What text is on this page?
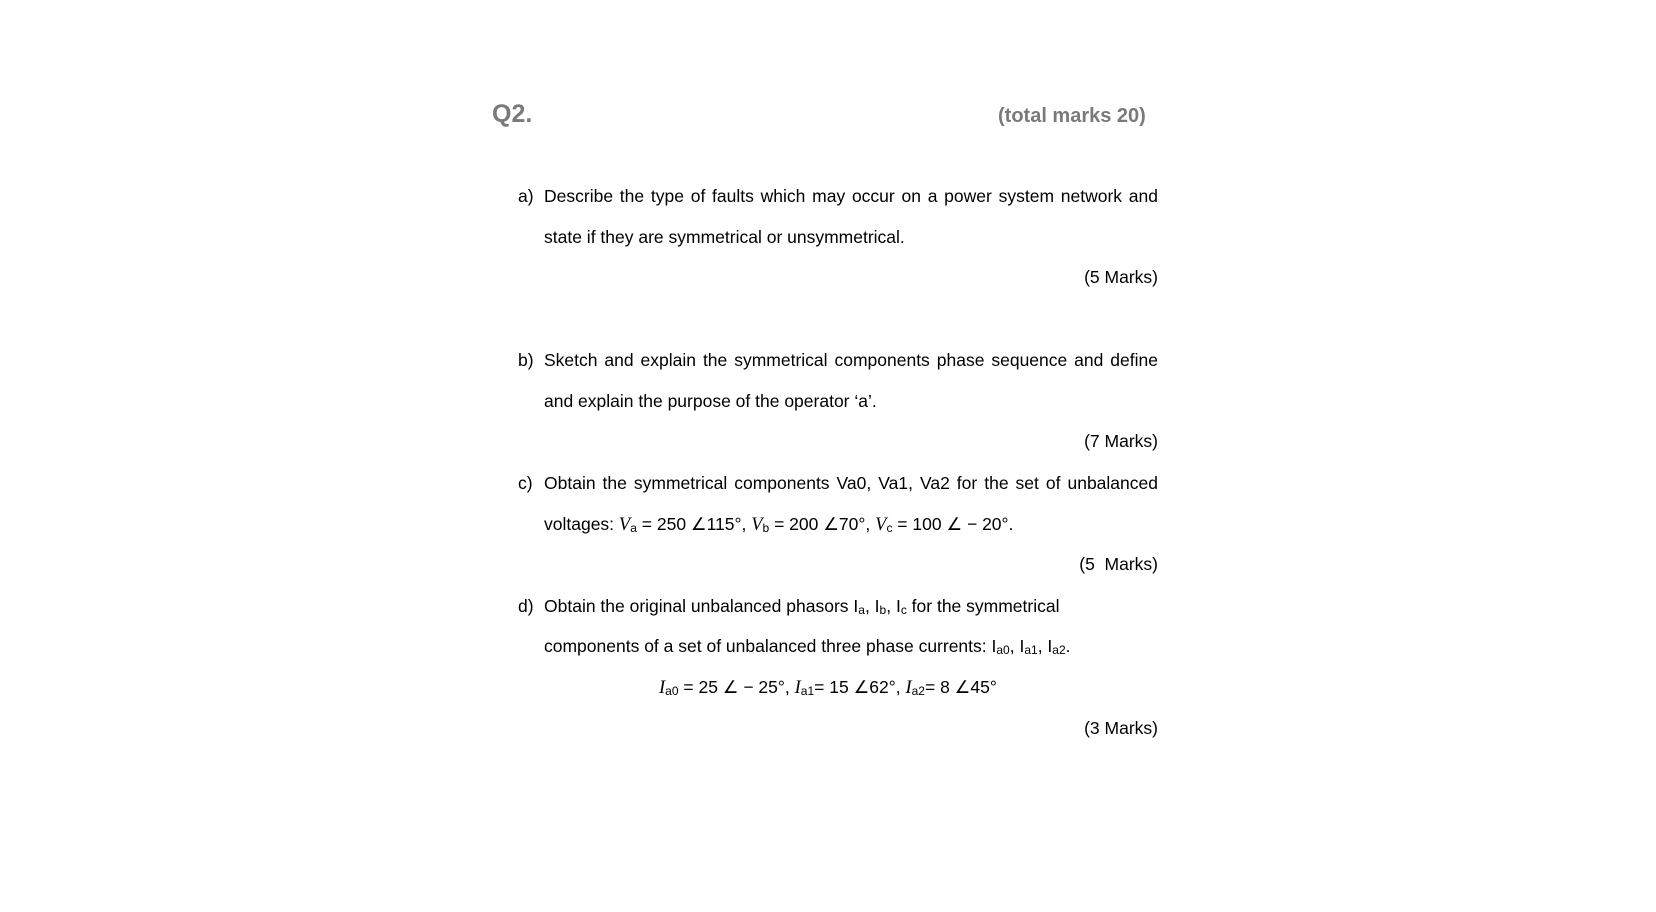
Q2.	(total marks 20)
a) Describe the type of faults which may occur on a power system network and
state if they are symmetrical or unsymmetrical.
(5 Marks)
b) Sketch and explain the symmetrical components phase sequence and define
and explain the purpose of the operator ‘a’.
(7 Marks)
c) Obtain the symmetrical components Va0, Va1, Va2 for the set of unbalanced
voltages: Va = 250 ∠115°, Vb = 200 ∠70°, Vc = 100 ∠ − 20°.
(5  Marks)
d) Obtain the original unbalanced phasors Ia, Ib, Ic for the symmetrical
components of a set of unbalanced three phase currents: Ia0, Ia1, Ia2.
Ia0 = 25 ∠ − 25°, Ia1= 15 ∠62°, Ia2= 8 ∠45°
(3 Marks)
